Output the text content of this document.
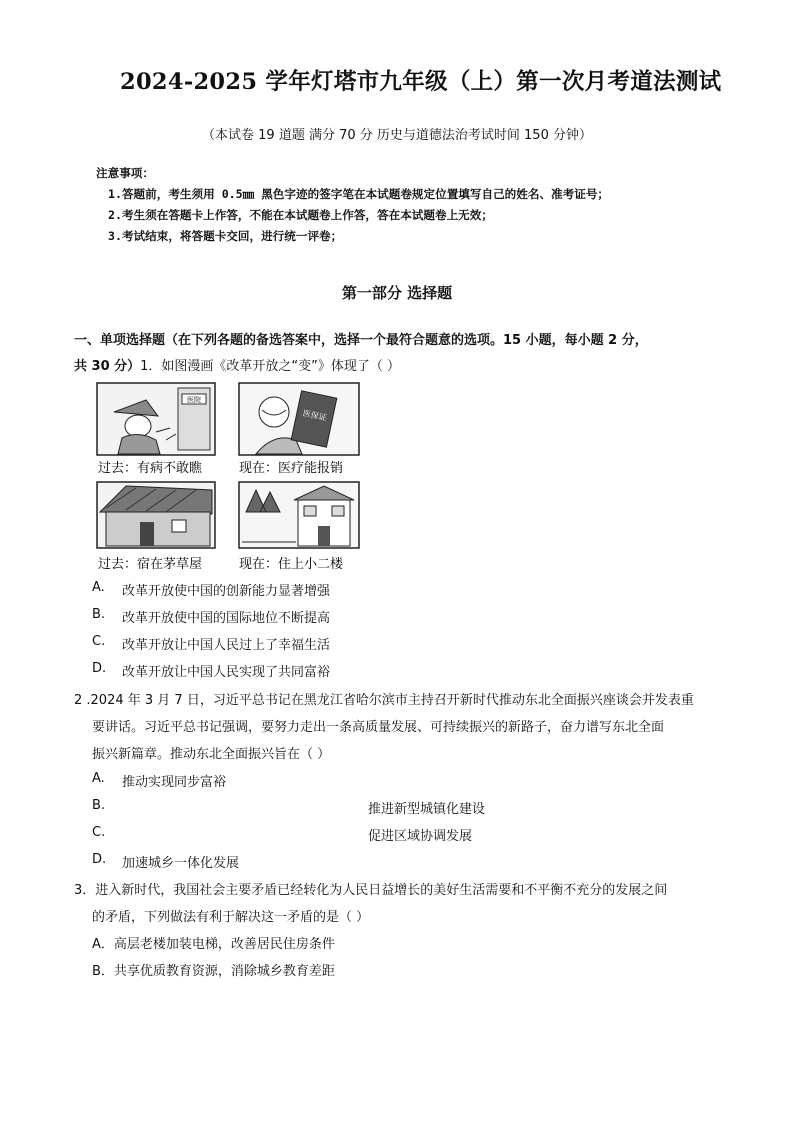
2024-2025 学年灯塔市九年级（上）第一次月考道法测试
（本试卷 19 道题 满分 70 分 历史与道德法治考试时间 150 分钟）
注意事项：
1.答题前，考生须用 0.5㎜ 黑色字迹的签字笔在本试题卷规定位置填写自己的姓名、准考证号；
2.考生须在答题卡上作答，不能在本试题卷上作答，答在本试题卷上无效；
3.考试结束，将答题卡交回，进行统一评卷；
第一部分 选择题
一、单项选择题（在下列各题的备选答案中，选择一个最符合题意的选项。15 小题，每小题 2 分，
共 30 分）1．如图漫画《改革开放之“变”》体现了（ ）
医院
过去：有病不敢瞧
医保证
现在：医疗能报销
过去：宿在茅草屋	现在：住上小二楼
A. 改革开放使中国的创新能力显著增强
B. 改革开放使中国的国际地位不断提高
C. 改革开放让中国人民过上了幸福生活
D. 改革开放让中国人民实现了共同富裕
2 .2024 年 3 月 7 日，习近平总书记在黑龙江省哈尔滨市主持召开新时代推动东北全面振兴座谈会并发表重
要讲话。习近平总书记强调，要努力走出一条高质量发展、可持续振兴的新路子，奋力谱写东北全面
振兴新篇章。推动东北全面振兴旨在（ ）
A. 推动实现同步富裕
B.	推进新型城镇化建设
C.	促进区域协调发展
D. 加速城乡一体化发展
3．进入新时代，我国社会主要矛盾已经转化为人民日益增长的美好生活需要和不平衡不充分的发展之间
的矛盾，下列做法有利于解决这一矛盾的是（ ）
A．高层老楼加装电梯，改善居民住房条件
B．共享优质教育资源，消除城乡教育差距
